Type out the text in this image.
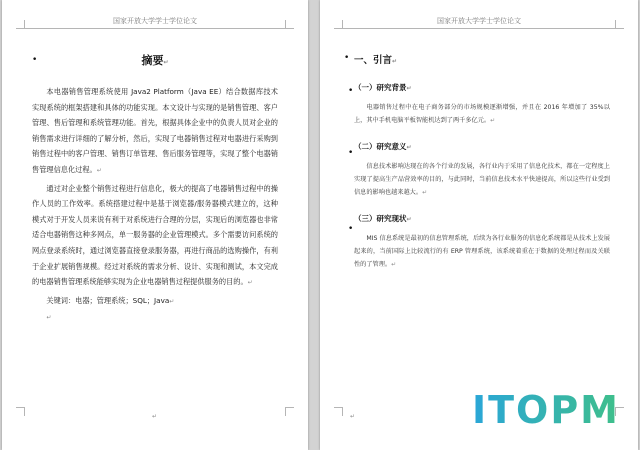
国家开放大学学士学位论文
•	摘要↵

本电器销售管理系统使用 Java2 Platform（Java EE）结合数据库技术实现系统的框架搭建和具体的功能实现。本文设计与实现的是销售管理、客户管理、售后管理和系统管理功能。首先，根据具体企业中的负责人员对企业的销售需求进行详细的了解分析，然后，实现了电器销售过程对电器进行采购到销售过程中的客户管理、销售订单管理、售后服务管理等，实现了整个电器销售管理信息化过程。↵

通过对企业整个销售过程进行信息化，极大的提高了电器销售过程中的操作人员的工作效率。系统搭建过程中是基于浏览器/服务器模式建立的，这种模式对于开发人员来说有利于对系统进行合理的分层，实现后的浏览器也非常适合电器销售这种多网点，单一服务器的企业管理模式。多个需要访问系统的网点登录系统时，通过浏览器直接登录服务器，再进行商品的选购操作，有利于企业扩展销售规模。经过对系统的需求分析、设计、实现和测试，本文完成的电器销售管理系统能够实现为企业电器销售过程提供服务的目的。↵

关键词：电器；管理系统；SQL；Java↵
↵
↵
国家开放大学学士学位论文
•
•
•
•
一、引言↵
（一）研究背景↵

电器销售过程中在电子商务部分的市场规模逐渐增强，并且在 2016 年增加了 35%以上，其中手机电脑平板智能机达到了两千多亿元。↵

（二）研究意义↵

信息技术影响达现在的各个行业的发展，各行业内于采用了信息化技术，都在一定程度上实现了提高生产品营效率的目的，与此同时，当前信息技术水平快速提高，所以这些行业受到信息的影响也越来越大。↵

（三）研究现状↵

MIS 信息系统是最初的信息管理系统，后续为各行业服务的信息化系统都是从技术上发展起来的，当前国际上比较流行的有 ERP 管理系统，该系统着重在于数据的处理过程而及关联性的了管理。↵

↵	ITOPM
